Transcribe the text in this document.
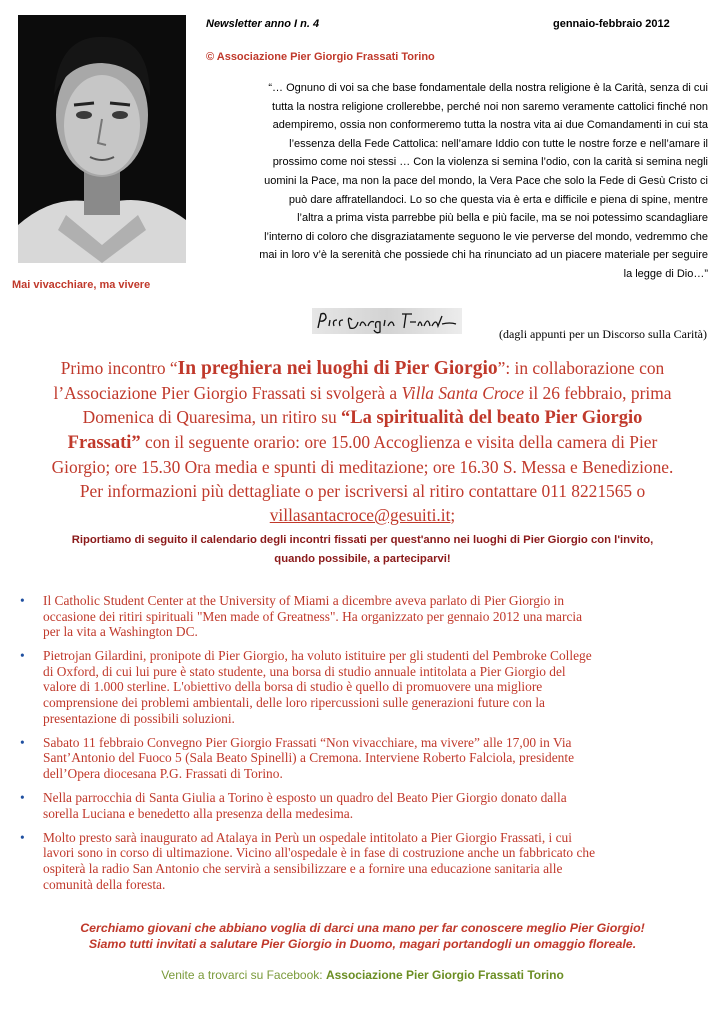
Mai vivacchiare, ma vivere
Newsletter anno I n. 4	gennaio-febbraio 2012
© Associazione Pier Giorgio Frassati Torino
“… Ognuno di voi sa che base fondamentale della nostra religione è la Carità, senza di cui
tutta la nostra religione crollerebbe, perché noi non saremo veramente cattolici finché non
adempiremo, ossia non conformeremo tutta la nostra vita ai due Comandamenti in cui sta
l’essenza della Fede Cattolica: nell’amare Iddio con tutte le nostre forze e nell’amare il
prossimo come noi stessi … Con la violenza si semina l’odio, con la carità si semina negli
uomini la Pace, ma non la pace del mondo, la Vera Pace che solo la Fede di Gesù Cristo ci
può dare affratellandoci. Lo so che questa via è erta e difficile e piena di spine, mentre
l’altra a prima vista parrebbe più bella e più facile, ma se noi potessimo scandagliare
l’interno di coloro che disgraziatamente seguono le vie perverse del mondo, vedremmo che
mai in loro v’è la serenità che possiede chi ha rinunciato ad un piacere materiale per seguire
la legge di Dio…”
(dagli appunti per un Discorso sulla Carità)
Primo incontro “In preghiera nei luoghi di Pier Giorgio”: in collaborazione con
l’Associazione Pier Giorgio Frassati si svolgerà a Villa Santa Croce il 26 febbraio, prima
Domenica di Quaresima, un ritiro su “La spiritualità del beato Pier Giorgio
Frassati” con il seguente orario: ore 15.00 Accoglienza e visita della camera di Pier
Giorgio; ore 15.30 Ora media e spunti di meditazione; ore 16.30 S. Messa e Benedizione.
Per informazioni più dettagliate o per iscriversi al ritiro contattare 011 8221565 o
villasantacroce@gesuiti.it;
Riportiamo di seguito il calendario degli incontri fissati per quest'anno nei luoghi di Pier Giorgio con l'invito,
quando possibile, a parteciparvi!
• Il Catholic Student Center at the University of Miami a dicembre aveva parlato di Pier Giorgio in
occasione dei ritiri spirituali "Men made of Greatness". Ha organizzato per gennaio 2012 una marcia
per la vita a Washington DC.
• Pietrojan Gilardini, pronipote di Pier Giorgio, ha voluto istituire per gli studenti del Pembroke College
di Oxford, di cui lui pure è stato studente, una borsa di studio annuale intitolata a Pier Giorgio del
valore di 1.000 sterline. L'obiettivo della borsa di studio è quello di promuovere una migliore
comprensione dei problemi ambientali, delle loro ripercussioni sulle generazioni future con la
presentazione di possibili soluzioni.
• Sabato 11 febbraio Convegno Pier Giorgio Frassati “Non vivacchiare, ma vivere” alle 17,00 in Via
Sant’Antonio del Fuoco 5 (Sala Beato Spinelli) a Cremona. Interviene Roberto Falciola, presidente
dell’Opera diocesana P.G. Frassati di Torino.
• Nella parrocchia di Santa Giulia a Torino è esposto un quadro del Beato Pier Giorgio donato dalla
sorella Luciana e benedetto alla presenza della medesima.
• Molto presto sarà inaugurato ad Atalaya in Perù un ospedale intitolato a Pier Giorgio Frassati, i cui
lavori sono in corso di ultimazione. Vicino all'ospedale è in fase di costruzione anche un fabbricato che
ospiterà la radio San Antonio che servirà a sensibilizzare e a fornire una educazione sanitaria alle
comunità della foresta.
Cerchiamo giovani che abbiano voglia di darci una mano per far conoscere meglio Pier Giorgio!
Siamo tutti invitati a salutare Pier Giorgio in Duomo, magari portandogli un omaggio floreale.
Venite a trovarci su Facebook: Associazione Pier Giorgio Frassati Torino
